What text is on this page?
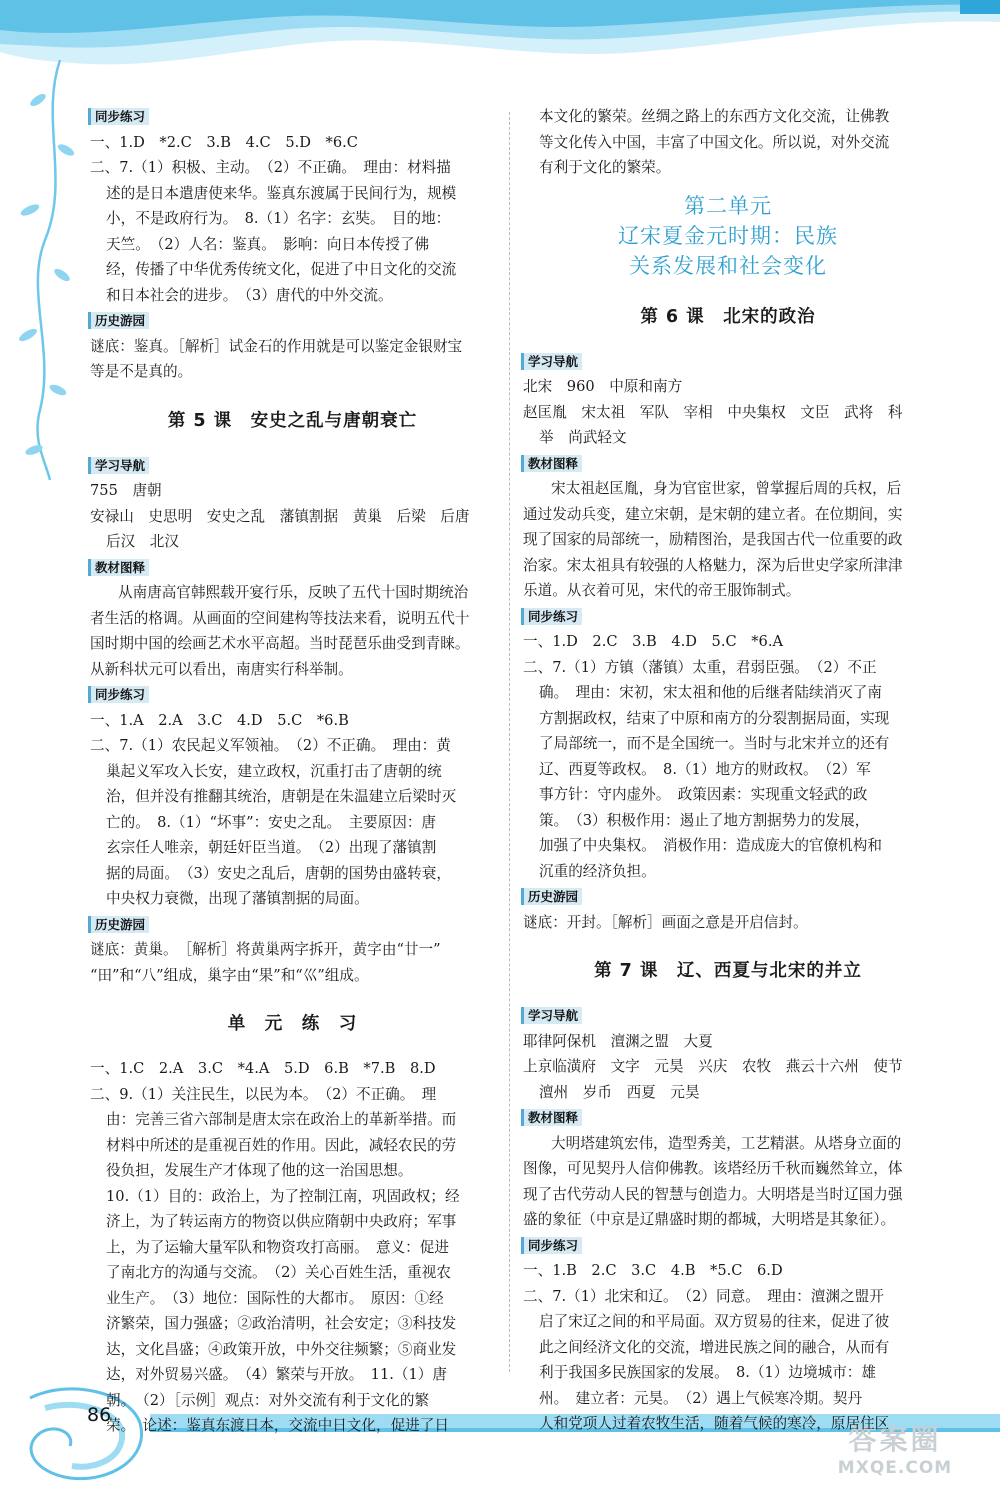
86
答案圈
MXQE.COM
同步练习

一、1.D　*2.C　3.B　4.C　5.D　*6.C

二、7.（1）积极、主动。　（2）不正确。　理由：材料描

述的是日本遣唐使来华。鉴真东渡属于民间行为，规模

小，不是政府行为。　8.（1）名字：玄奘。　目的地：

天竺。　（2）人名：鉴真。　影响：向日本传授了佛

经，传播了中华优秀传统文化，促进了中日文化的交流

和日本社会的进步。　（3）唐代的中外交流。

历史游园

谜底：鉴真。［解析］试金石的作用就是可以鉴定金银财宝

等是不是真的。

第 5 课　安史之乱与唐朝衰亡
学习导航

755　唐朝

安禄山　史思明　安史之乱　藩镇割据　黄巢　后梁　后唐

后汉　北汉

教材图释

从南唐高官韩熙载开宴行乐，反映了五代十国时期统治

者生活的格调。从画面的空间建构等技法来看，说明五代十

国时期中国的绘画艺术水平高超。当时琵琶乐曲受到青睐。

从新科状元可以看出，南唐实行科举制。

同步练习

一、1.A　2.A　3.C　4.D　5.C　*6.B

二、7.（1）农民起义军领袖。　（2）不正确。　理由：黄

巢起义军攻入长安，建立政权，沉重打击了唐朝的统

治，但并没有推翻其统治，唐朝是在朱温建立后梁时灭

亡的。　8.（1）“坏事”：安史之乱。　主要原因：唐

玄宗任人唯亲，朝廷奸臣当道。　（2）出现了藩镇割

据的局面。　（3）安史之乱后，唐朝的国势由盛转衰，

中央权力衰微，出现了藩镇割据的局面。

历史游园

谜底：黄巢。　［解析］将黄巢两字拆开，黄字由“廿一”

“田”和“八”组成，巢字由“果”和“巛”组成。

单　元　练　习

一、1.C　2.A　3.C　*4.A　5.D　6.B　*7.B　8.D

二、9.（1）关注民生，以民为本。　（2）不正确。　理

由：完善三省六部制是唐太宗在政治上的革新举措。而

材料中所述的是重视百姓的作用。因此，减轻农民的劳

役负担，发展生产才体现了他的这一治国思想。

10.（1）目的：政治上，为了控制江南，巩固政权；经

济上，为了转运南方的物资以供应隋朝中央政府；军事

上，为了运输大量军队和物资攻打高丽。　意义：促进

了南北方的沟通与交流。　（2）关心百姓生活，重视农

业生产。　（3）地位：国际性的大都市。　原因：①经

济繁荣，国力强盛；②政治清明，社会安定；③科技发

达，文化昌盛；④政策开放，中外交往频繁；⑤商业发

达，对外贸易兴盛。　（4）繁荣与开放。　11.（1）唐

朝。　（2）［示例］观点：对外交流有利于文化的繁

荣。　论述：鉴真东渡日本，交流中日文化，促进了日

本文化的繁荣。丝绸之路上的东西方文化交流，让佛教

等文化传入中国，丰富了中国文化。所以说，对外交流

有利于文化的繁荣。

第二单元
辽宋夏金元时期：民族
关系发展和社会变化
第 6 课　北宋的政治
学习导航

北宋　960　中原和南方

赵匡胤　宋太祖　军队　宰相　中央集权　文臣　武将　科

举　尚武轻文

教材图释

宋太祖赵匡胤，身为官宦世家，曾掌握后周的兵权，后

通过发动兵变，建立宋朝，是宋朝的建立者。在位期间，实

现了国家的局部统一，励精图治，是我国古代一位重要的政

治家。宋太祖具有较强的人格魅力，深为后世史学家所津津

乐道。从衣着可见，宋代的帝王服饰制式。

同步练习

一、1.D　2.C　3.B　4.D　5.C　*6.A

二、7.（1）方镇（藩镇）太重，君弱臣强。　（2）不正

确。　理由：宋初，宋太祖和他的后继者陆续消灭了南

方割据政权，结束了中原和南方的分裂割据局面，实现

了局部统一，而不是全国统一。当时与北宋并立的还有

辽、西夏等政权。　8.（1）地方的财政权。　（2）军

事方针：守内虚外。　政策因素：实现重文轻武的政

策。　（3）积极作用：遏止了地方割据势力的发展，

加强了中央集权。　消极作用：造成庞大的官僚机构和

沉重的经济负担。

历史游园

谜底：开封。［解析］画面之意是开启信封。

第 7 课　辽、西夏与北宋的并立
学习导航

耶律阿保机　澶渊之盟　大夏

上京临潢府　文字　元昊　兴庆　农牧　燕云十六州　使节

澶州　岁币　西夏　元昊

教材图释

大明塔建筑宏伟，造型秀美，工艺精湛。从塔身立面的

图像，可见契丹人信仰佛教。该塔经历千秋而巍然耸立，体

现了古代劳动人民的智慧与创造力。大明塔是当时辽国力强

盛的象征（中京是辽鼎盛时期的都城，大明塔是其象征）。

同步练习

一、1.B　2.C　3.C　4.B　*5.C　6.D

二、7.（1）北宋和辽。　（2）同意。　理由：澶渊之盟开

启了宋辽之间的和平局面。双方贸易的往来，促进了彼

此之间经济文化的交流，增进民族之间的融合，从而有

利于我国多民族国家的发展。　8.（1）边境城市：雄

州。　建立者：元昊。　（2）遇上气候寒冷期。契丹

人和党项人过着农牧生活，随着气候的寒冷，原居住区
